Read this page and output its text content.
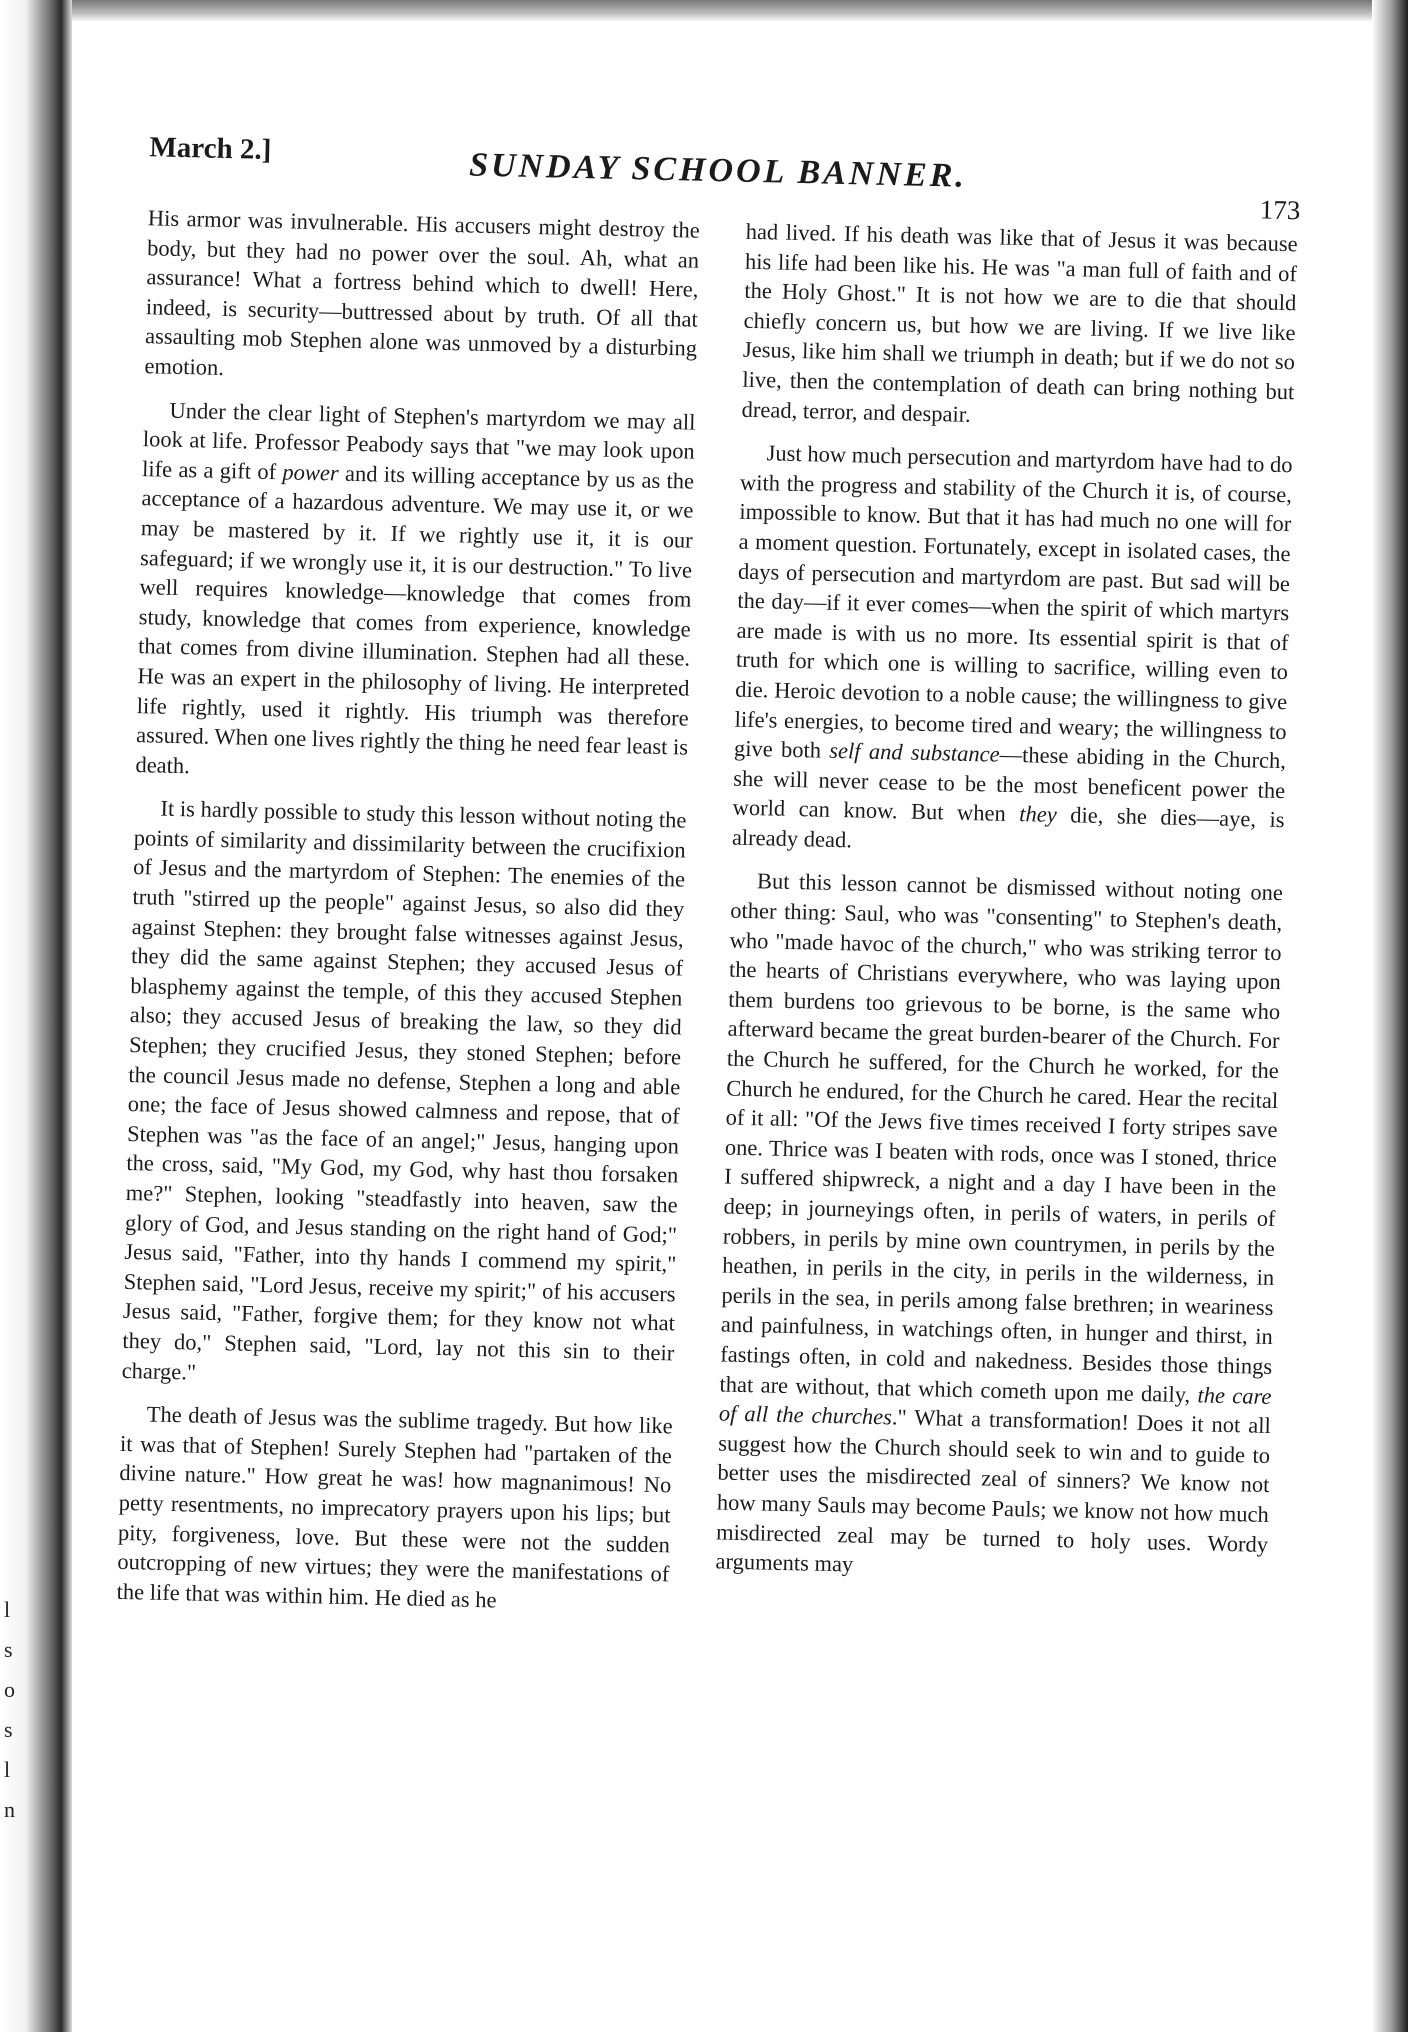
l
s
o
s
l
n
March 2.]	SUNDAY SCHOOL BANNER.
173

His armor was invulnerable. His accusers might destroy the body, but they had no power over the soul. Ah, what an assurance! What a fortress behind which to dwell! Here, indeed, is security—buttressed about by truth. Of all that assaulting mob Stephen alone was unmoved by a disturbing emotion.

Under the clear light of Stephen's martyrdom we may all look at life. Professor Peabody says that "we may look upon life as a gift of power and its willing acceptance by us as the acceptance of a hazardous adventure. We may use it, or we may be mastered by it. If we rightly use it, it is our safeguard; if we wrongly use it, it is our destruction." To live well requires knowledge—knowledge that comes from study, knowledge that comes from experience, knowledge that comes from divine illumination. Stephen had all these. He was an expert in the philosophy of living. He interpreted life rightly, used it rightly. His triumph was therefore assured. When one lives rightly the thing he need fear least is death.

It is hardly possible to study this lesson without noting the points of similarity and dissimilarity between the crucifixion of Jesus and the martyrdom of Stephen: The enemies of the truth "stirred up the people" against Jesus, so also did they against Stephen: they brought false witnesses against Jesus, they did the same against Stephen; they accused Jesus of blasphemy against the temple, of this they accused Stephen also; they accused Jesus of breaking the law, so they did Stephen; they crucified Jesus, they stoned Stephen; before the council Jesus made no defense, Stephen a long and able one; the face of Jesus showed calmness and repose, that of Stephen was "as the face of an angel;" Jesus, hanging upon the cross, said, "My God, my God, why hast thou forsaken me?" Stephen, looking "steadfastly into heaven, saw the glory of God, and Jesus standing on the right hand of God;" Jesus said, "Father, into thy hands I commend my spirit," Stephen said, "Lord Jesus, receive my spirit;" of his accusers Jesus said, "Father, forgive them; for they know not what they do," Stephen said, "Lord, lay not this sin to their charge."

The death of Jesus was the sublime tragedy. But how like it was that of Stephen! Surely Stephen had "partaken of the divine nature." How great he was! how magnanimous! No petty resentments, no imprecatory prayers upon his lips; but pity, forgiveness, love. But these were not the sudden outcropping of new virtues; they were the manifestations of the life that was within him. He died as he

had lived. If his death was like that of Jesus it was because his life had been like his. He was "a man full of faith and of the Holy Ghost." It is not how we are to die that should chiefly concern us, but how we are living. If we live like Jesus, like him shall we triumph in death; but if we do not so live, then the contemplation of death can bring nothing but dread, terror, and despair.

Just how much persecution and martyrdom have had to do with the progress and stability of the Church it is, of course, impossible to know. But that it has had much no one will for a moment question. Fortunately, except in isolated cases, the days of persecution and martyrdom are past. But sad will be the day—if it ever comes—when the spirit of which martyrs are made is with us no more. Its essential spirit is that of truth for which one is willing to sacrifice, willing even to die. Heroic devotion to a noble cause; the willingness to give life's energies, to become tired and weary; the willingness to give both self and substance—these abiding in the Church, she will never cease to be the most beneficent power the world can know. But when they die, she dies—aye, is already dead.

But this lesson cannot be dismissed without noting one other thing: Saul, who was "consenting" to Stephen's death, who "made havoc of the church," who was striking terror to the hearts of Christians everywhere, who was laying upon them burdens too grievous to be borne, is the same who afterward became the great burden-bearer of the Church. For the Church he suffered, for the Church he worked, for the Church he endured, for the Church he cared. Hear the recital of it all: "Of the Jews five times received I forty stripes save one. Thrice was I beaten with rods, once was I stoned, thrice I suffered shipwreck, a night and a day I have been in the deep; in journeyings often, in perils of waters, in perils of robbers, in perils by mine own countrymen, in perils by the heathen, in perils in the city, in perils in the wilderness, in perils in the sea, in perils among false brethren; in weariness and painfulness, in watchings often, in hunger and thirst, in fastings often, in cold and nakedness. Besides those things that are without, that which cometh upon me daily, the care of all the churches." What a transformation! Does it not all suggest how the Church should seek to win and to guide to better uses the misdirected zeal of sinners? We know not how many Sauls may become Pauls; we know not how much misdirected zeal may be turned to holy uses. Wordy arguments may
